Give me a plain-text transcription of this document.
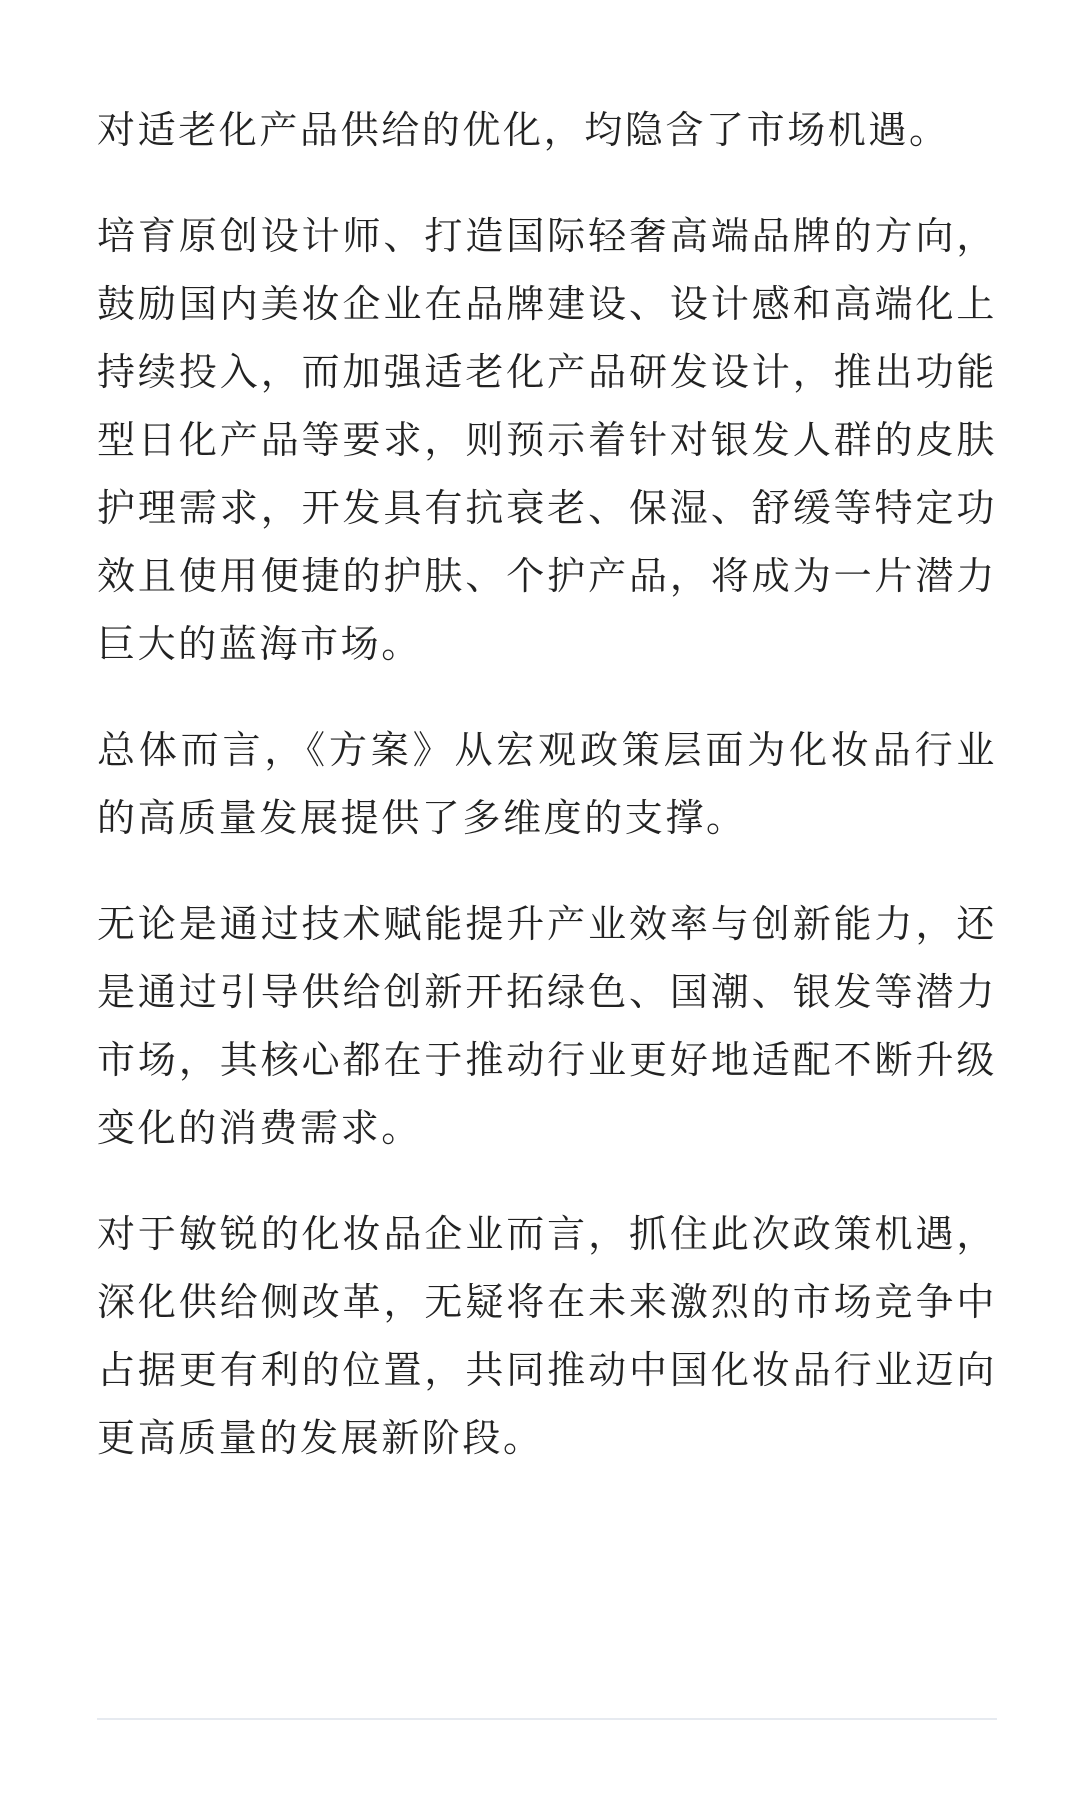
对适老化产品供给的优化，均隐含了市场机遇。

培育原创设计师、打造国际轻奢高端品牌的方向，鼓励国内美妆企业在品牌建设、设计感和高端化上持续投入，而加强适老化产品研发设计，推出功能型日化产品等要求，则预示着针对银发人群的皮肤护理需求，开发具有抗衰老、保湿、舒缓等特定功效且使用便捷的护肤、个护产品，将成为一片潜力巨大的蓝海市场。

总体而言，《方案》从宏观政策层面为化妆品行业的高质量发展提供了多维度的支撑。

无论是通过技术赋能提升产业效率与创新能力，还是通过引导供给创新开拓绿色、国潮、银发等潜力市场，其核心都在于推动行业更好地适配不断升级变化的消费需求。

对于敏锐的化妆品企业而言，抓住此次政策机遇，深化供给侧改革，无疑将在未来激烈的市场竞争中占据更有利的位置，共同推动中国化妆品行业迈向更高质量的发展新阶段。
